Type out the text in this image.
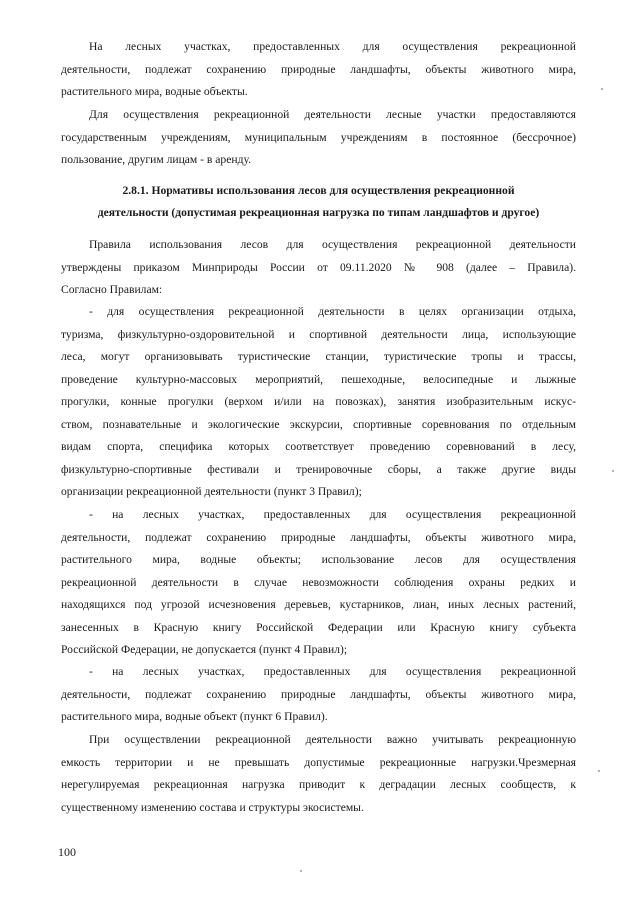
На лесных участках, предоставленных для осуществления рекреационной
деятельности, подлежат сохранению природные ландшафты, объекты животного мира,
растительного мира, водные объекты.
Для осуществления рекреационной деятельности лесные участки предоставляются
государственным учреждениям, муниципальным учреждениям в постоянное (бессрочное)
пользование, другим лицам - в аренду.
Правила использования лесов для осуществления рекреационной деятельности
утверждены приказом Минприроды России от 09.11.2020 № 908 (далее – Правила).
Согласно Правилам:
- для осуществления рекреационной деятельности в целях организации отдыха,
туризма, физкультурно-оздоровительной и спортивной деятельности лица, использующие
леса, могут организовывать туристические станции, туристические тропы и трассы,
проведение культурно-массовых мероприятий, пешеходные, велосипедные и лыжные
прогулки, конные прогулки (верхом и/или на повозках), занятия изобразительным искус-
ством, познавательные и экологические экскурсии, спортивные соревнования по отдельным
видам спорта, специфика которых соответствует проведению соревнований в лесу,
физкультурно-спортивные фестивали и тренировочные сборы, а также другие виды
организации рекреационной деятельности (пункт 3 Правил);
- на лесных участках, предоставленных для осуществления рекреационной
деятельности, подлежат сохранению природные ландшафты, объекты животного мира,
растительного мира, водные объекты; использование лесов для осуществления
рекреационной деятельности в случае невозможности соблюдения охраны редких и
находящихся под угрозой исчезновения деревьев, кустарников, лиан, иных лесных растений,
занесенных в Красную книгу Российской Федерации или Красную книгу субъекта
Российской Федерации, не допускается (пункт 4 Правил);
- на лесных участках, предоставленных для осуществления рекреационной
деятельности, подлежат сохранению природные ландшафты, объекты животного мира,
растительного мира, водные объект (пункт 6 Правил).
При осуществлении рекреационной деятельности важно учитывать рекреационную
емкость территории и не превышать допустимые рекреационные нагрузки.Чрезмерная
нерегулируемая рекреационная нагрузка приводит к деградации лесных сообществ, к
существенному изменению состава и структуры экосистемы.
2.8.1. Нормативы использования лесов для осуществления рекреационной
деятельности (допустимая рекреационная нагрузка по типам ландшафтов и другое)
100
